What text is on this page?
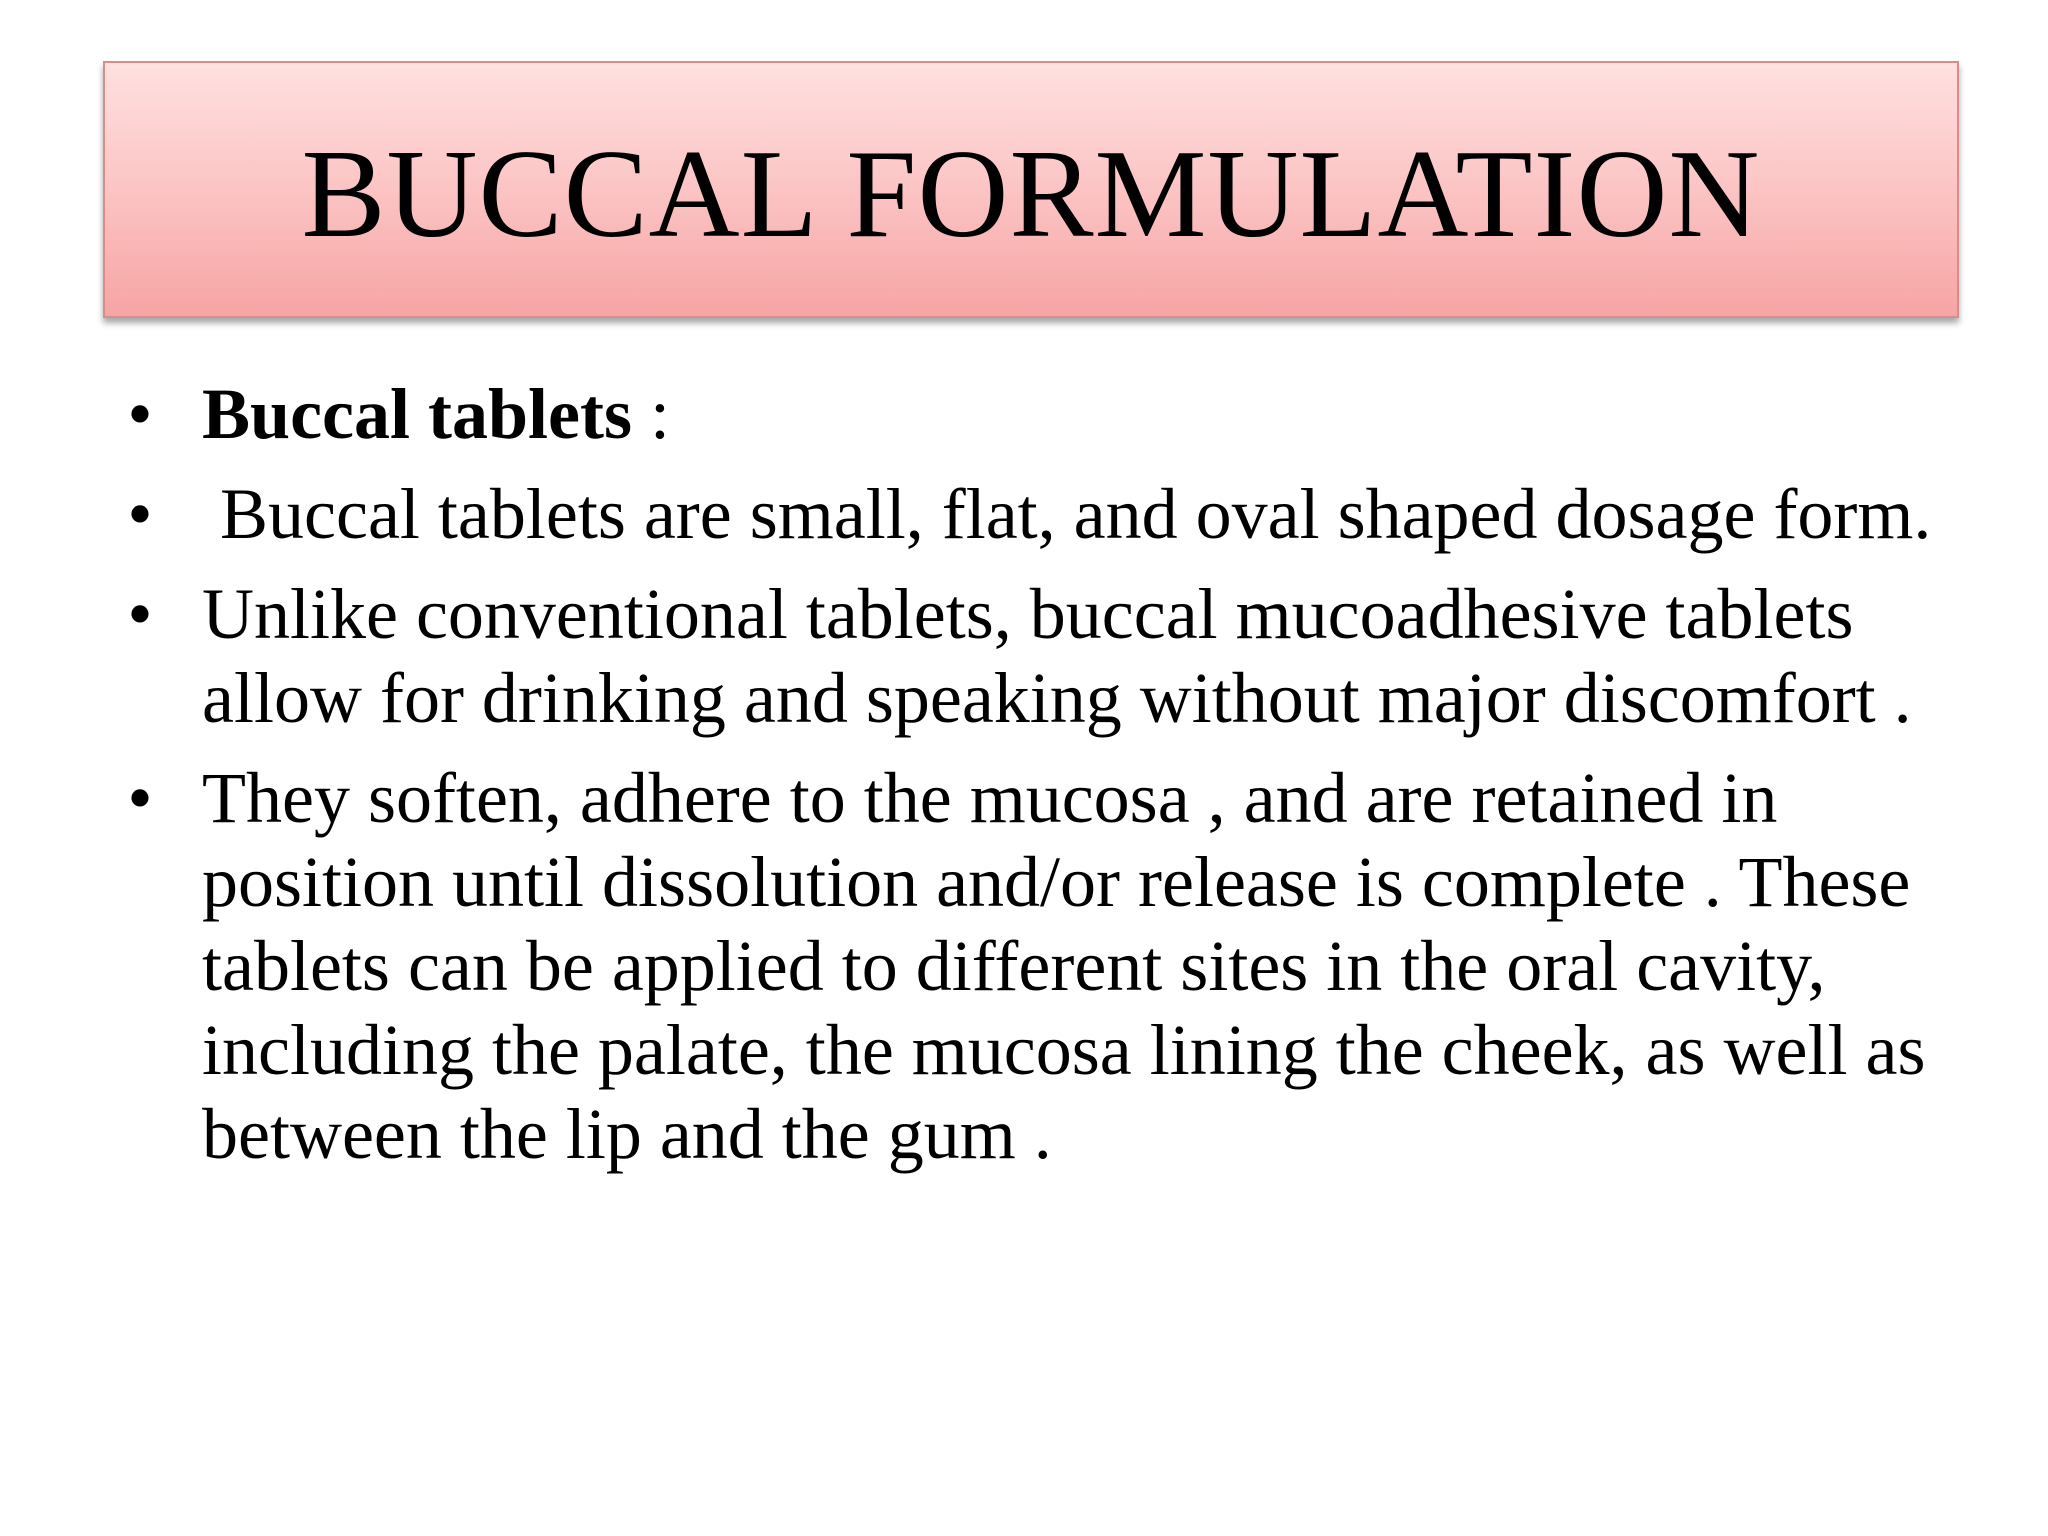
BUCCAL FORMULATION
• Buccal tablets :
• Buccal tablets are small, flat, and oval shaped dosage form.
• Unlike conventional tablets, buccal mucoadhesive tablets allow for drinking and speaking without major discomfort .
• They soften, adhere to the mucosa , and are retained in position until dissolution and/or release is complete . These tablets can be applied to different sites in the oral cavity, including the palate, the mucosa lining the cheek, as well as between the lip and the gum .
